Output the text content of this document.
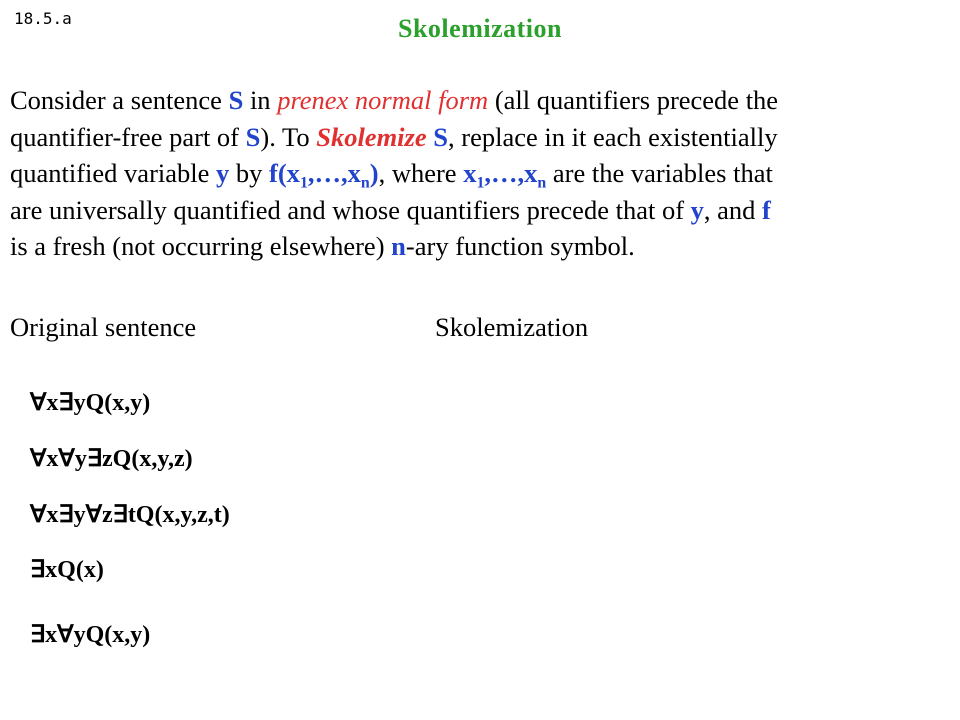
18.5.a	Skolemization
Consider a sentence S in prenex normal form (all quantifiers precede the
quantifier-free part of S). To Skolemize S, replace in it each existentially
quantified variable y by $f(x_1,\dots,x_n)$, where $x_1,\dots,x_n$ are the variables that
are universally quantified and whose quantifiers precede that of y, and f
is a fresh (not occurring elsewhere) n-ary function symbol.
Original sentence	Skolemization
∀x∃yQ(x,y)
∀x∀y∃zQ(x,y,z)
∀x∃y∀z∃tQ(x,y,z,t)
∃xQ(x)
∃x∀yQ(x,y)
